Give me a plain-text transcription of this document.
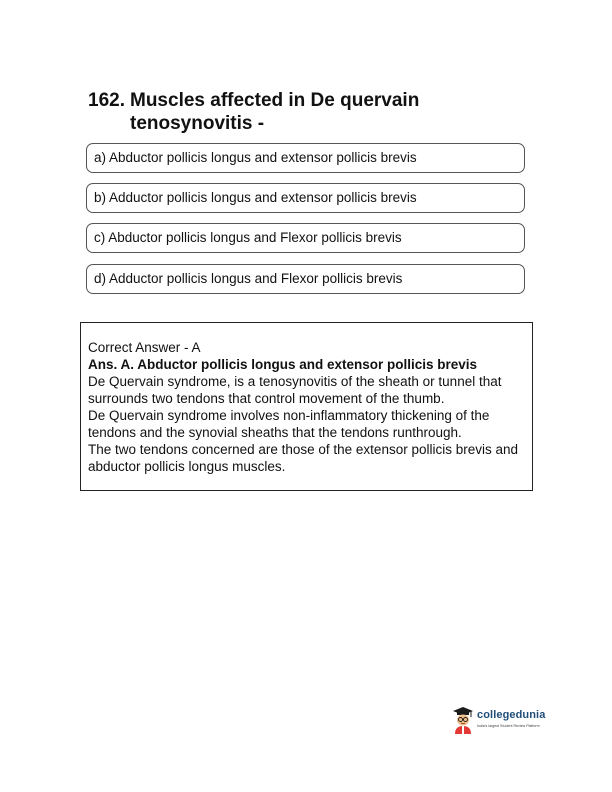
162. Muscles affected in De quervain tenosynovitis -
a) Abductor pollicis longus and extensor pollicis brevis
b) Adductor pollicis longus and extensor pollicis brevis
c) Abductor pollicis longus and Flexor pollicis brevis
d) Adductor pollicis longus and Flexor pollicis brevis

Correct Answer - A

Ans. A. Abductor pollicis longus and extensor pollicis brevis

De Quervain syndrome, is a tenosynovitis of the sheath or tunnel that surrounds two tendons that control movement of the thumb.

De Quervain syndrome involves non-inflammatory thickening of the tendons and the synovial sheaths that the tendons runthrough.

The two tendons concerned are those of the extensor pollicis brevis and abductor pollicis longus muscles.

collegedunia
India's largest Student Review Platform
